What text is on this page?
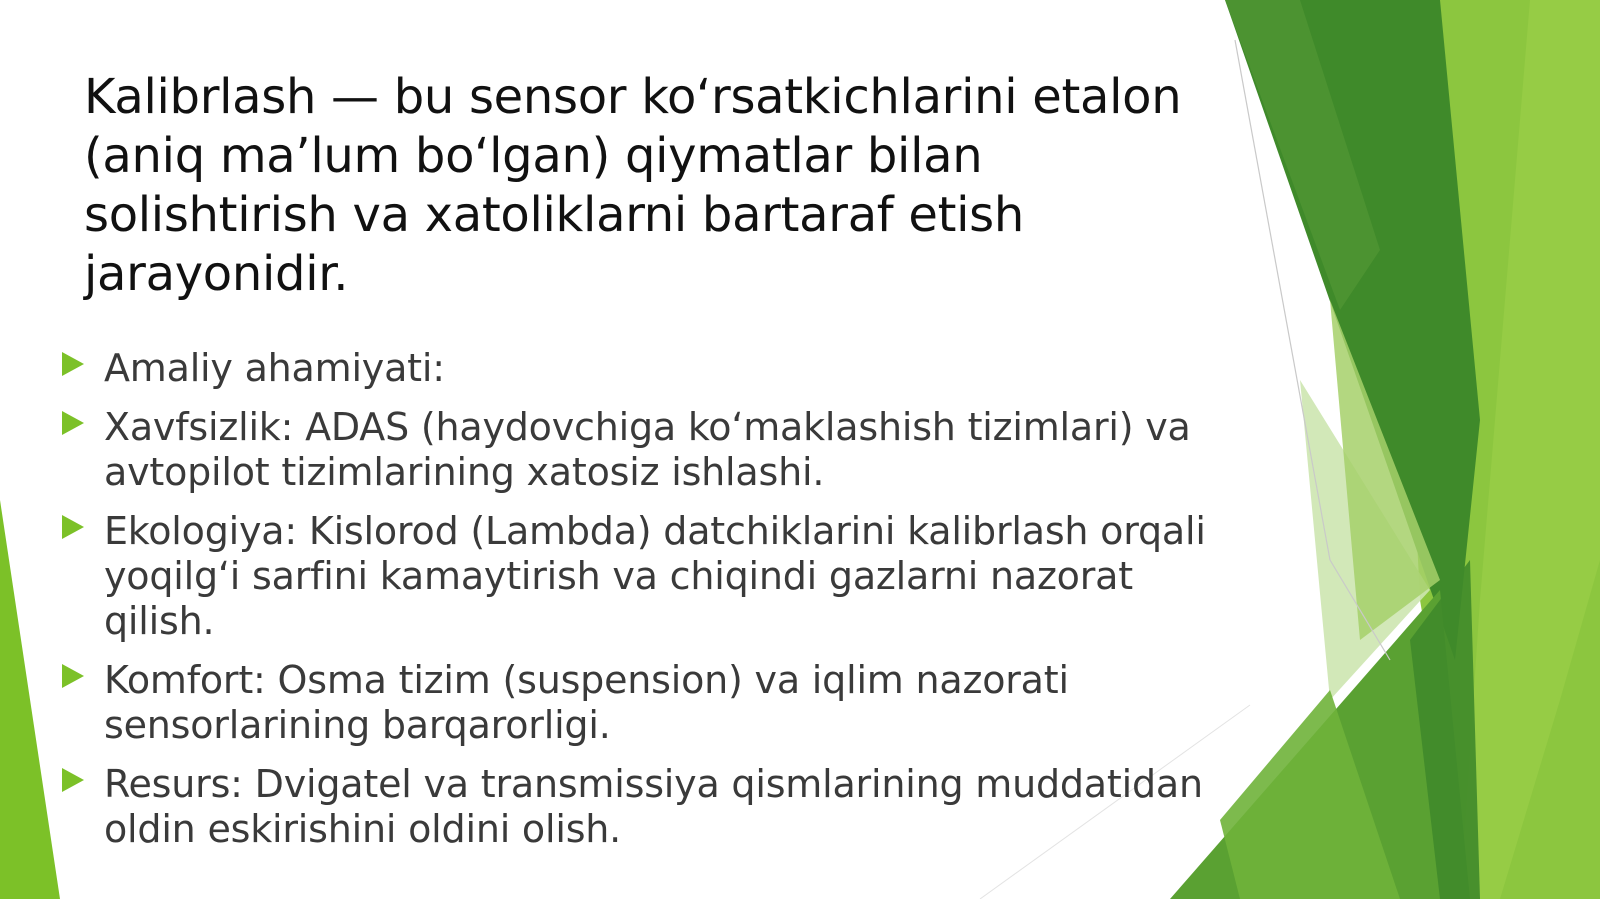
Kalibrlash — bu sensor koʻrsatkichlarini etalon (aniq maʼlum boʻlgan) qiymatlar bilan solishtirish va xatoliklarni bartaraf etish jarayonidir.
Amaliy ahamiyati:
Xavfsizlik: ADAS (haydovchiga koʻmaklashish tizimlari) va avtopilot tizimlarining xatosiz ishlashi.
Ekologiya: Kislorod (Lambda) datchiklarini kalibrlash orqali yoqilgʻi sarfini kamaytirish va chiqindi gazlarni nazorat qilish.
Komfort: Osma tizim (suspension) va iqlim nazorati sensorlarining barqarorligi.
Resurs: Dvigatel va transmissiya qismlarining muddatidan oldin eskirishini oldini olish.
